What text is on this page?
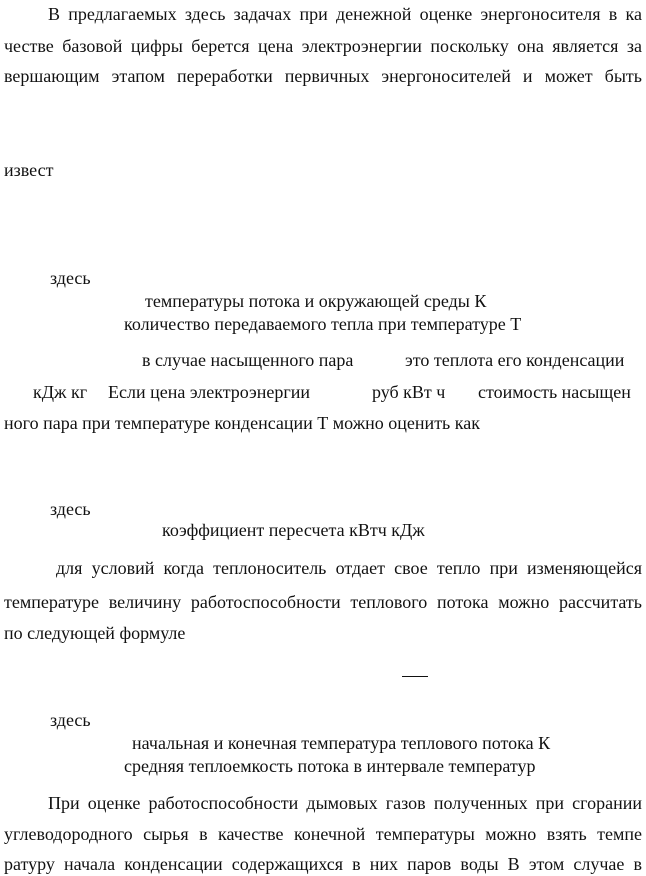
В предлагаемых здесь задачах при денежной оценке энергоносителя в ка
честве базовой цифры берется цена электроэнергии поскольку она является за
вершающим этапом переработки первичных энергоносителей и может быть
извест
здесь
температуры потока и окружающей среды К
количество передаваемого тепла при температуре Т
в случае насыщенного пара	это теплота его конденсации
кДж кг Если цена электроэнергии	руб кВт ч стоимость насыщен
ного пара при температуре конденсации Т можно оценить как
здесь
коэффициент пересчета кВтч кДж
для условий когда теплоноситель отдает свое тепло при изменяющейся
температуре величину работоспособности теплового потока можно рассчитать
по следующей формуле
здесь
начальная и конечная температура теплового потока К
средняя теплоемкость потока в интервале температур
При оценке работоспособности дымовых газов полученных при сгорании
углеводородного сырья в качестве конечной температуры можно взять темпе
ратуру начала конденсации содержащихся в них паров воды В этом случае в
